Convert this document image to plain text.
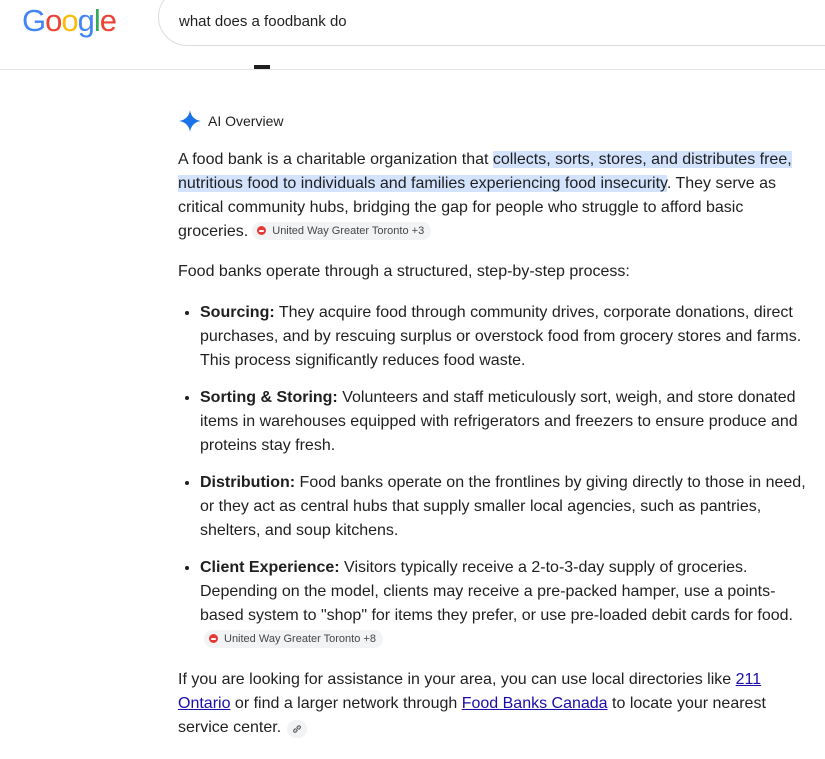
Google	what does a foodbank do
AI Overview

A food bank is a charitable organization that collects, sorts, stores, and distributes free, nutritious food to individuals and families experiencing food insecurity. They serve as critical community hubs, bridging the gap for people who struggle to afford basic groceries. United Way Greater Toronto +3

Food banks operate through a structured, step-by-step process:

• Sourcing: They acquire food through community drives, corporate donations, direct purchases, and by rescuing surplus or overstock food from grocery stores and farms. This process significantly reduces food waste.
• Sorting & Storing: Volunteers and staff meticulously sort, weigh, and store donated items in warehouses equipped with refrigerators and freezers to ensure produce and proteins stay fresh.
• Distribution: Food banks operate on the frontlines by giving directly to those in need, or they act as central hubs that supply smaller local agencies, such as pantries, shelters, and soup kitchens.
• Client Experience: Visitors typically receive a 2-to-3-day supply of groceries. Depending on the model, clients may receive a pre-packed hamper, use a points-based system to "shop" for items they prefer, or use pre-loaded debit cards for food.
United Way Greater Toronto +8

If you are looking for assistance in your area, you can use local directories like 211 Ontario or find a larger network through Food Banks Canada to locate your nearest service center.
